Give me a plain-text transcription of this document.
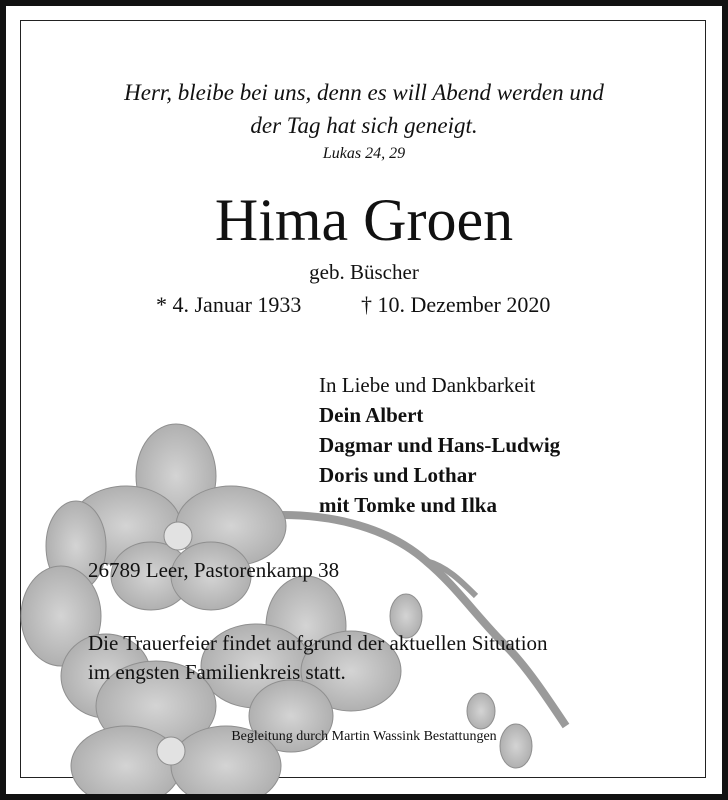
Herr, bleibe bei uns, denn es will Abend werden und
der Tag hat sich geneigt.
Lukas 24, 29
Hima Groen
geb. Büscher
* 4. Januar 1933	† 10. Dezember 2020
In Liebe und Dankbarkeit
Dein Albert
Dagmar und Hans-Ludwig
Doris und Lothar
mit Tomke und Ilka
26789 Leer, Pastorenkamp 38
Die Trauerfeier findet aufgrund der aktuellen Situation
im engsten Familienkreis statt.
Begleitung durch Martin Wassink Bestattungen
